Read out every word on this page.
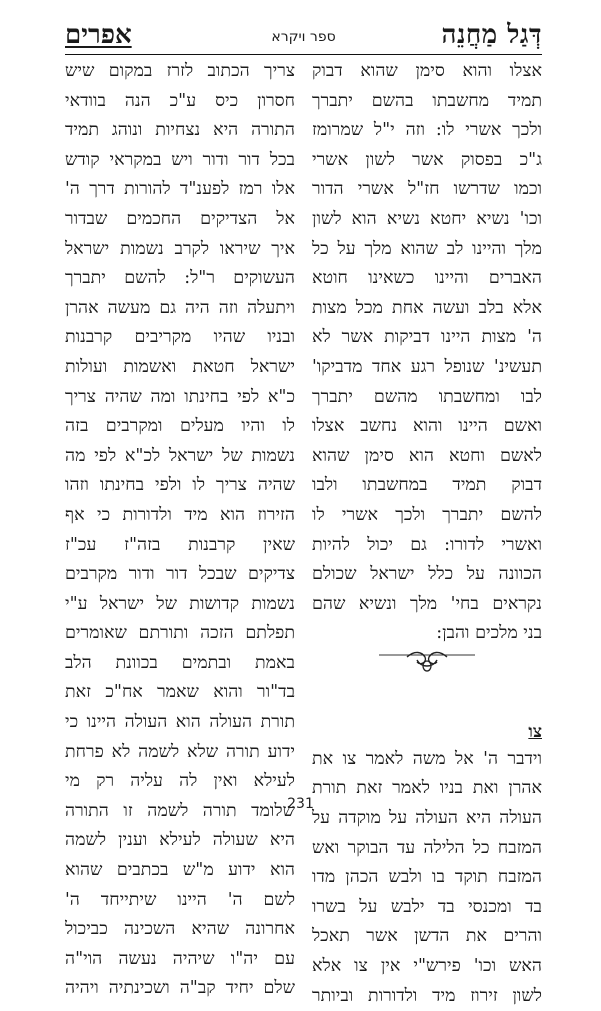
דְּגַל מַחֲנֵה
ספר ויקרא
אפרים
אצלו והוא סימן שהוא דבוק
תמיד מחשבתו בהשם יתברך
ולכך אשרי לו: וזה י"ל שמרומז
ג"כ בפסוק אשר לשון אשרי
וכמו שדרשו חז"ל אשרי הדור
וכו' נשיא יחטא נשיא הוא לשון
מלך והיינו לב שהוא מלך על כל
האברים והיינו כשאינו חוטא
אלא בלב ועשה אחת מכל מצות
ה' מצות היינו דביקות אשר לא
תעשינ' שנופל רגע אחד מדביקו'
לבו ומחשבתו מהשם יתברך
ואשם היינו והוא נחשב אצלו
לאשם וחטא הוא סימן שהוא
דבוק תמיד במחשבתו ולבו
להשם יתברך ולכך אשרי לו
ואשרי לדורו: גם יכול להיות
הכוונה על כלל ישראל שכולם
נקראים בחי' מלך ונשיא שהם
בני מלכים והבן:
צו
וידבר ה' אל משה לאמר צו את
אהרן ואת בניו לאמר זאת תורת
העולה היא העולה על מוקדה על
המזבח כל הלילה עד הבוקר ואש
המזבח תוקד בו ולבש הכהן מדו
בד ומכנסי בד ילבש על בשרו
והרים את הדשן אשר תאכל
האש וכו' פירש"י אין צו אלא
לשון זירוז מיד ולדורות וביותר
צריך הכתוב לזרז במקום שיש
חסרון כיס ע"כ הנה בוודאי
התורה היא נצחיות ונוהג תמיד
בכל דור ודור ויש במקראי קודש
אלו רמז לפענ"ד להורות דרך ה'
אל הצדיקים החכמים שבדור
איך שיראו לקרב נשמות ישראל
העשוקים ר"ל: להשם יתברך
ויתעלה וזה היה גם מעשה אהרן
ובניו שהיו מקריבים קרבנות
ישראל חטאת ואשמות ועולות
כ"א לפי בחינתו ומה שהיה צריך
לו והיו מעלים ומקרבים בזה
נשמות של ישראל לכ"א לפי מה
שהיה צריך לו ולפי בחינתו וזהו
הזירוז הוא מיד ולדורות כי אף
שאין קרבנות בזה"ז עכ"ז
צדיקים שבכל דור ודור מקרבים
נשמות קדושות של ישראל ע"י
תפלתם הזכה ותורתם שאומרים
באמת ובתמים בכוונת הלב
בד"ור והוא שאמר אח"כ זאת
תורת העולה הוא העולה היינו כי
ידוע תורה שלא לשמה לא פרחת
לעילא ואין לה עליה רק מי
שלומד תורה לשמה זו התורה
היא שעולה לעילא וענין לשמה
הוא ידוע מ"ש בכתבים שהוא
לשם ה' היינו שיתייחד ה'
אחרונה שהיא השכינה כביכול
עם יה"ו שיהיה נעשה הוי"ה
שלם יחיד קב"ה ושכינתיה ויהיה
231
